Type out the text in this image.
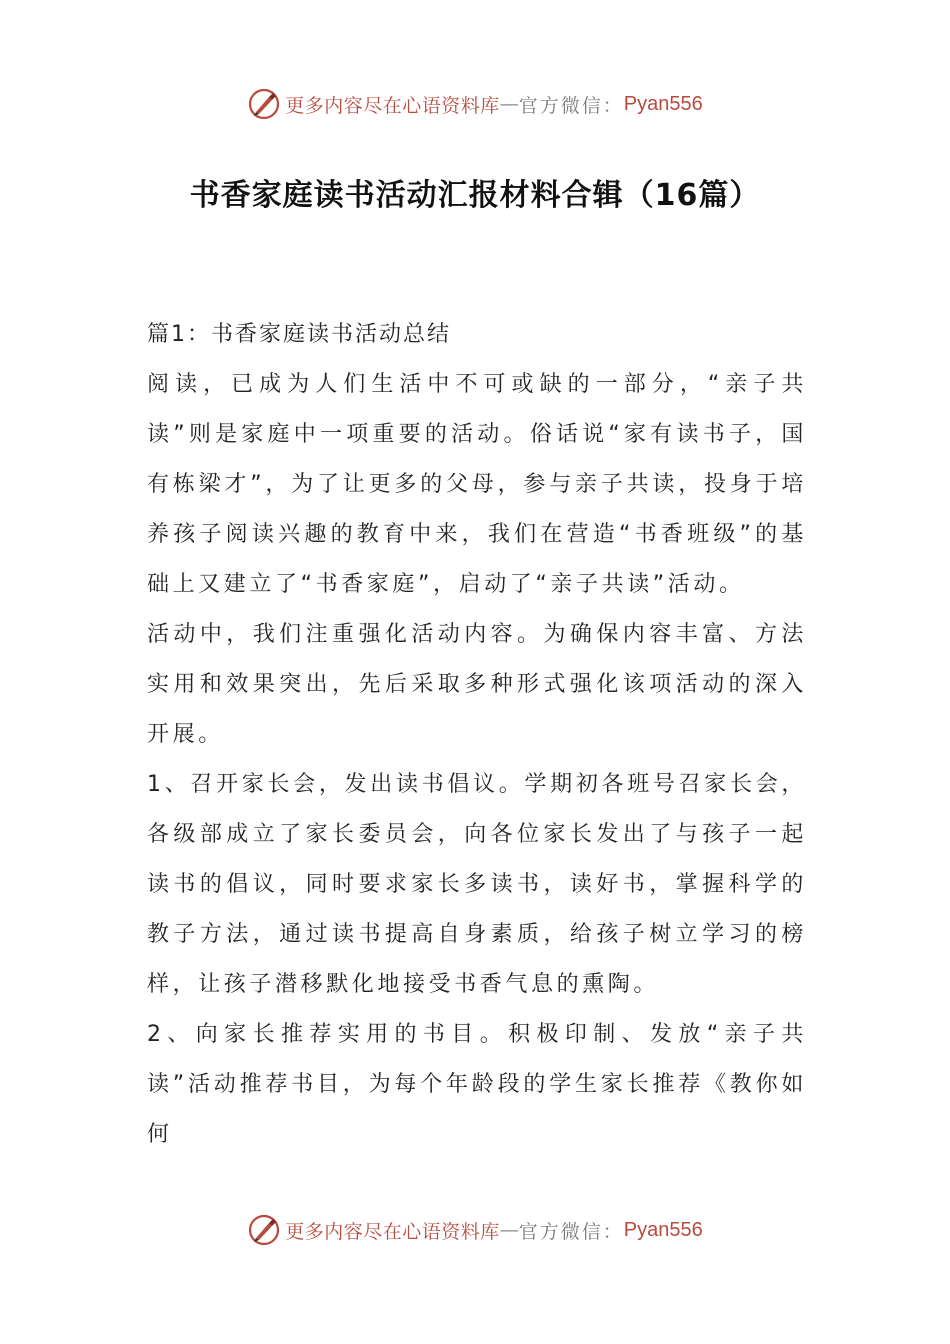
更多内容尽在心语资料库 — 官方微信： Pyan556
书香家庭读书活动汇报材料合辑（16篇）

篇1：书香家庭读书活动总结

阅读，已成为人们生活中不可或缺的一部分，“亲子共读”则是家庭中一项重要的活动。俗话说“家有读书子，国有栋梁才”，为了让更多的父母，参与亲子共读，投身于培养孩子阅读兴趣的教育中来，我们在营造“书香班级”的基础上又建立了“书香家庭”，启动了“亲子共读”活动。

活动中，我们注重强化活动内容。为确保内容丰富、方法实用和效果突出，先后采取多种形式强化该项活动的深入开展。

1、召开家长会，发出读书倡议。学期初各班号召家长会，各级部成立了家长委员会，向各位家长发出了与孩子一起读书的倡议，同时要求家长多读书，读好书，掌握科学的教子方法，通过读书提高自身素质，给孩子树立学习的榜样，让孩子潜移默化地接受书香气息的熏陶。

2、向家长推荐实用的书目。积极印制、发放“亲子共读”活动推荐书目，为每个年龄段的学生家长推荐《教你如何

更多内容尽在心语资料库 — 官方微信： Pyan556
